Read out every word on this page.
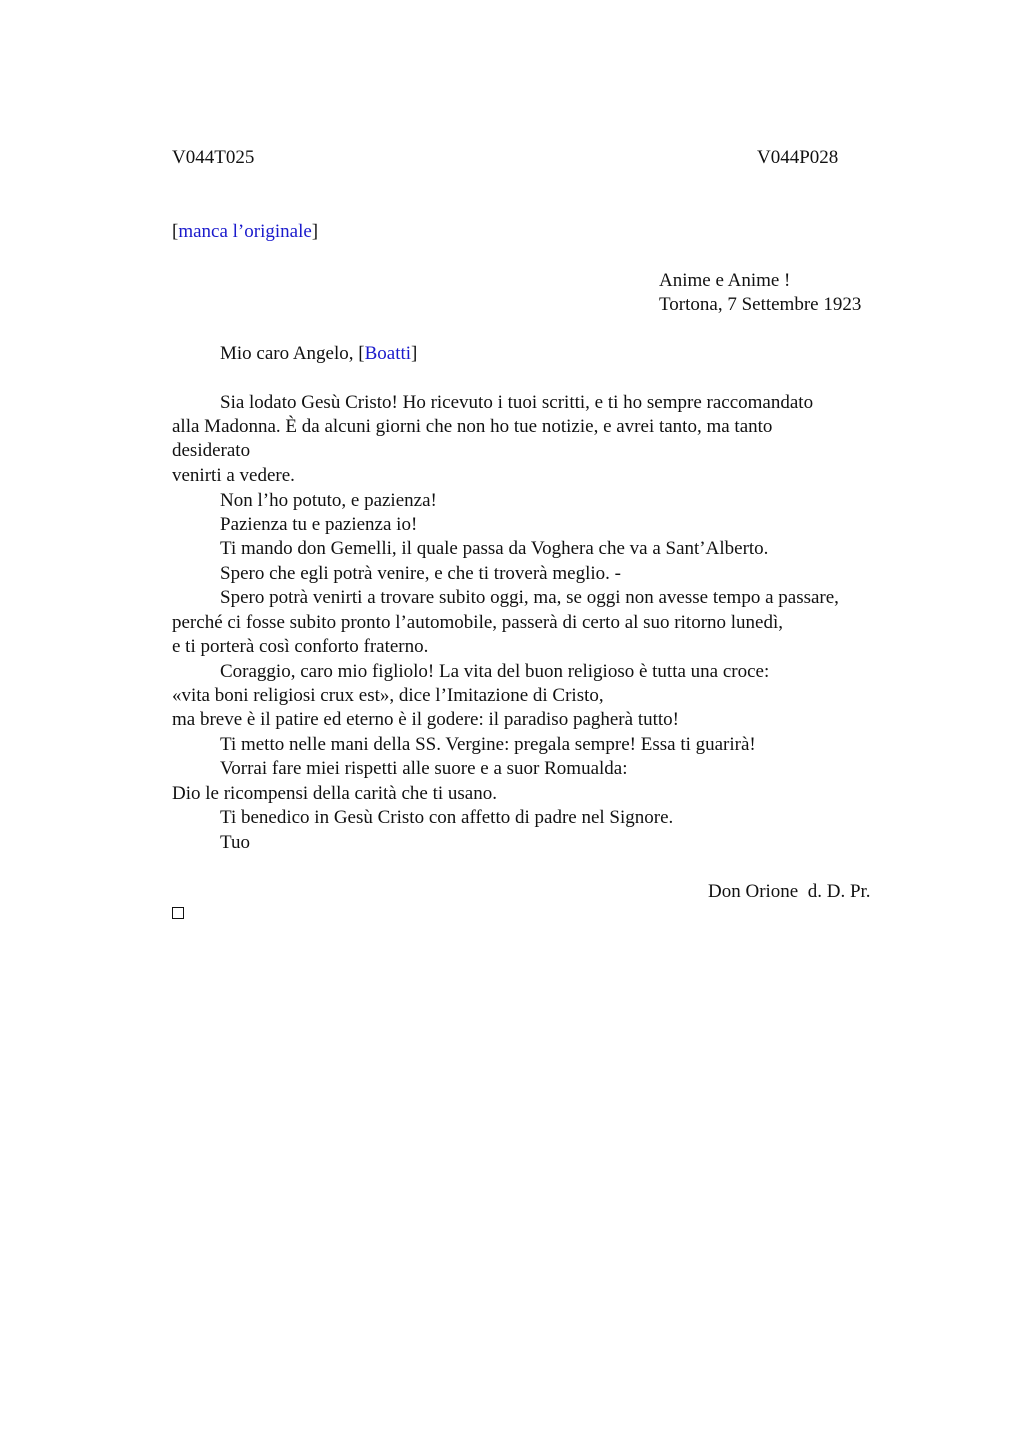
V044T025	V044P028
[manca l’originale]
Anime e Anime !
Tortona, 7 Settembre 1923
Mio caro Angelo, [Boatti]
Sia lodato Gesù Cristo! Ho ricevuto i tuoi scritti, e ti ho sempre raccomandato
alla Madonna. È da alcuni giorni che non ho tue notizie, e avrei tanto, ma tanto
desiderato
venirti a vedere.
Non l’ho potuto, e pazienza!
Pazienza tu e pazienza io!
Ti mando don Gemelli, il quale passa da Voghera che va a Sant’Alberto.
Spero che egli potrà venire, e che ti troverà meglio. -
Spero potrà venirti a trovare subito oggi, ma, se oggi non avesse tempo a passare,
perché ci fosse subito pronto l’automobile, passerà di certo al suo ritorno lunedì,
e ti porterà così conforto fraterno.
Coraggio, caro mio figliolo! La vita del buon religioso è tutta una croce:
«vita boni religiosi crux est», dice l’Imitazione di Cristo,
ma breve è il patire ed eterno è il godere: il paradiso pagherà tutto!
Ti metto nelle mani della SS. Vergine: pregala sempre! Essa ti guarirà!
Vorrai fare miei rispetti alle suore e a suor Romualda:
Dio le ricompensi della carità che ti usano.
Ti benedico in Gesù Cristo con affetto di padre nel Signore.
Tuo
Don Orione  d. D. Pr.
